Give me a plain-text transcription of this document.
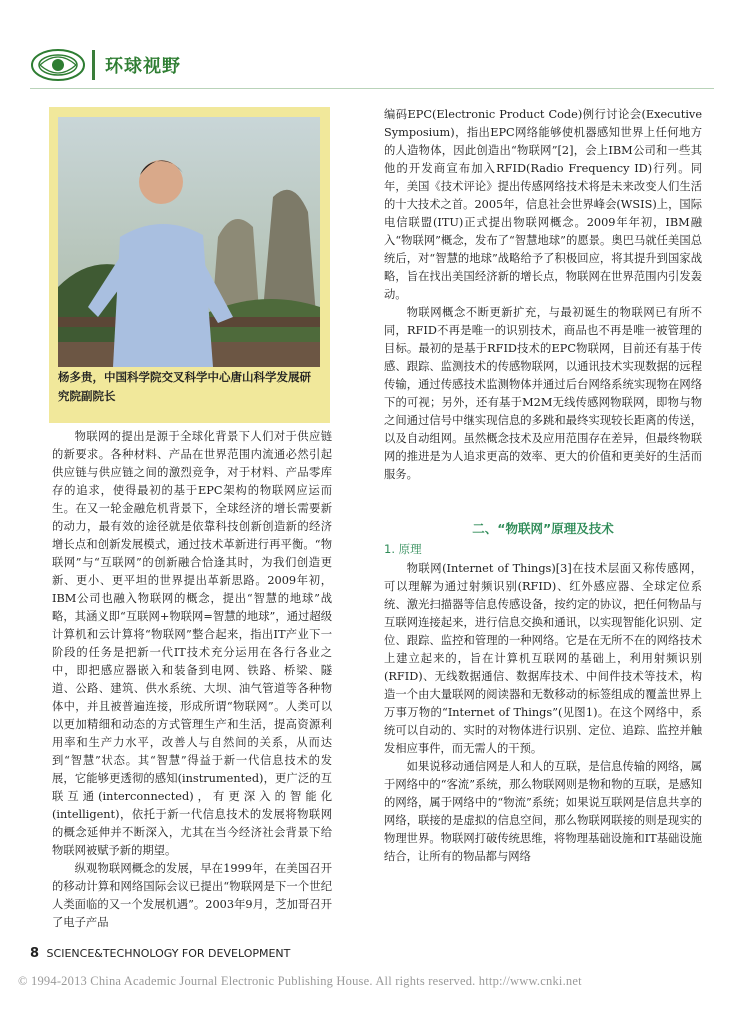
环球视野
杨多贵，中国科学院交叉科学中心唐山科学发展研究院副院长

物联网的提出是源于全球化背景下人们对于供应链的新要求。各种材料、产品在世界范围内流通必然引起供应链与供应链之间的激烈竞争，对于材料、产品零库存的追求，使得最初的基于EPC架构的物联网应运而生。在又一轮金融危机背景下，全球经济的增长需要新的动力，最有效的途径就是依靠科技创新创造新的经济增长点和创新发展模式，通过技术革新进行再平衡。“物联网”与“互联网”的创新融合恰逢其时，为我们创造更新、更小、更平坦的世界提出革新思路。2009年初，IBM公司也融入物联网的概念，提出“智慧的地球”战略，其涵义即“互联网+物联网=智慧的地球”，通过超级计算机和云计算将“物联网”整合起来，指出IT产业下一阶段的任务是把新一代IT技术充分运用在各行各业之中，即把感应器嵌入和装备到电网、铁路、桥梁、隧道、公路、建筑、供水系统、大坝、油气管道等各种物体中，并且被普遍连接，形成所谓“物联网”。人类可以以更加精细和动态的方式管理生产和生活，提高资源利用率和生产力水平，改善人与自然间的关系，从而达到“智慧”状态。其“智慧”得益于新一代信息技术的发展，它能够更透彻的感知(instrumented)，更广泛的互联互通(interconnected)，有更深入的智能化(intelligent)，依托于新一代信息技术的发展将物联网的概念延伸并不断深入，尤其在当今经济社会背景下给物联网被赋予新的期望。

纵观物联网概念的发展，早在1999年，在美国召开的移动计算和网络国际会议已提出“物联网是下一个世纪人类面临的又一个发展机遇”。2003年9月，芝加哥召开了电子产品

编码EPC(Electronic Product Code)例行讨论会(Executive Symposium)，指出EPC网络能够使机器感知世界上任何地方的人造物体，因此创造出“物联网”[2]，会上IBM公司和一些其他的开发商宣布加入RFID(Radio Frequency ID)行列。同年，美国《技术评论》提出传感网络技术将是未来改变人们生活的十大技术之首。2005年，信息社会世界峰会(WSIS)上，国际电信联盟(ITU)正式提出物联网概念。2009年年初，IBM融入“物联网”概念，发布了“智慧地球”的愿景。奥巴马就任美国总统后，对“智慧的地球”战略给予了积极回应，将其提升到国家战略，旨在找出美国经济新的增长点，物联网在世界范围内引发轰动。

物联网概念不断更新扩充，与最初诞生的物联网已有所不同，RFID不再是唯一的识别技术，商品也不再是唯一被管理的目标。最初的是基于RFID技术的EPC物联网，目前还有基于传感、跟踪、监测技术的传感物联网，以通讯技术实现数据的远程传输，通过传感技术监测物体并通过后台网络系统实现物在网络下的可视；另外，还有基于M2M无线传感网物联网，即物与物之间通过信号中继实现信息的多跳和最终实现较长距离的传送，以及自动组网。虽然概念技术及应用范围存在差异，但最终物联网的推进是为人追求更高的效率、更大的价值和更美好的生活而服务。

二、“物联网”原理及技术
1. 原理

物联网(Internet of Things)[3]在技术层面又称传感网，可以理解为通过射频识别(RFID)、红外感应器、全球定位系统、激光扫描器等信息传感设备，按约定的协议，把任何物品与互联网连接起来，进行信息交换和通讯，以实现智能化识别、定位、跟踪、监控和管理的一种网络。它是在无所不在的网络技术上建立起来的，旨在计算机互联网的基础上，利用射频识别(RFID)、无线数据通信、数据库技术、中间件技术等技术，构造一个由大量联网的阅读器和无数移动的标签组成的覆盖世界上万事万物的“Internet of Things”(见图1)。在这个网络中，系统可以自动的、实时的对物体进行识别、定位、追踪、监控并触发相应事件，而无需人的干预。

如果说移动通信网是人和人的互联，是信息传输的网络，属于网络中的“客流”系统，那么物联网则是物和物的互联，是感知的网络，属于网络中的“物流”系统；如果说互联网是信息共享的网络，联接的是虚拟的信息空间，那么物联网联接的则是现实的物理世界。物联网打破传统思维，将物理基础设施和IT基础设施结合，让所有的物品都与网络

8 SCIENCE&TECHNOLOGY FOR DEVELOPMENT
© 1994-2013 China Academic Journal Electronic Publishing House. All rights reserved. http://www.cnki.net
